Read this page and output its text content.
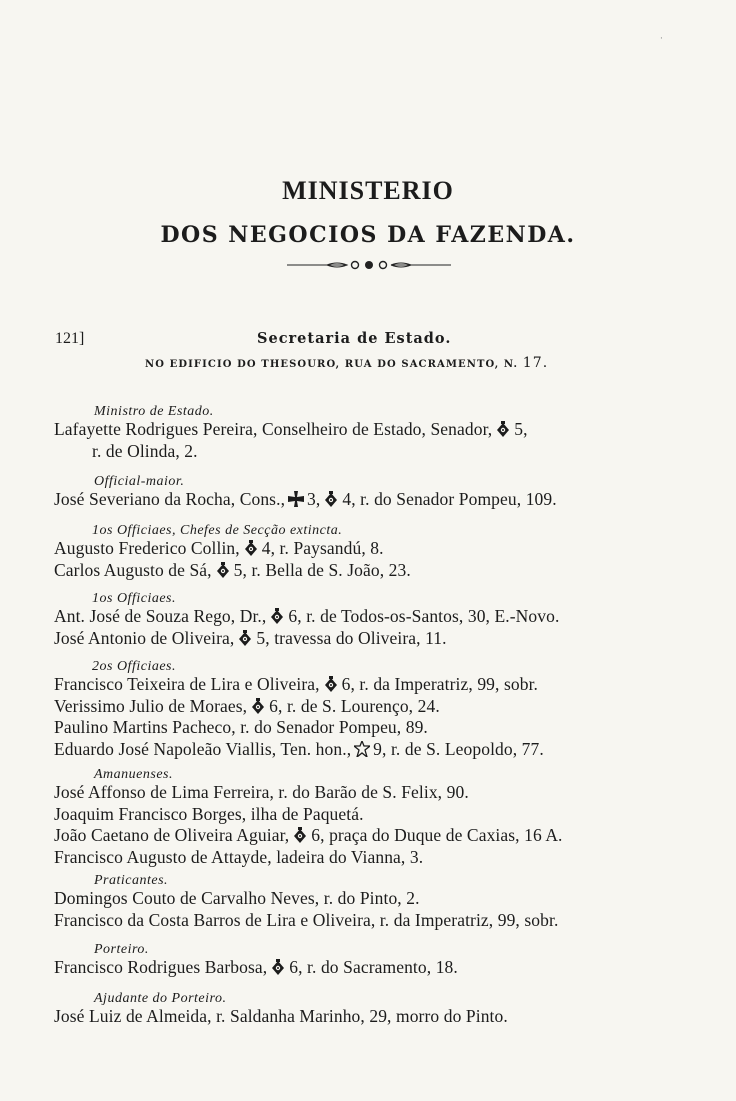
MINISTERIO
DOS NEGOCIOS DA FAZENDA.
121]	Secretaria de Estado.
NO EDIFICIO DO THESOURO, RUA DO SACRAMENTO, N. 17.
Ministro de Estado.
Lafayette Rodrigues Pereira, Conselheiro de Estado, Senador, 5,
r. de Olinda, 2.
Official-maior.
José Severiano da Rocha, Cons., 3, 4, r. do Senador Pompeu, 109.
1os Officiaes, Chefes de Secção extincta.
Augusto Frederico Collin, 4, r. Paysandú, 8.
Carlos Augusto de Sá, 5, r. Bella de S. João, 23.
1os Officiaes.
Ant. José de Souza Rego, Dr., 6, r. de Todos-os-Santos, 30, E.-Novo.
José Antonio de Oliveira, 5, travessa do Oliveira, 11.
2os Officiaes.
Francisco Teixeira de Lira e Oliveira, 6, r. da Imperatriz, 99, sobr.
Verissimo Julio de Moraes, 6, r. de S. Lourenço, 24.
Paulino Martins Pacheco, r. do Senador Pompeu, 89.
Eduardo José Napoleão Viallis, Ten. hon., 9, r. de S. Leopoldo, 77.
Amanuenses.
José Affonso de Lima Ferreira, r. do Barão de S. Felix, 90.
Joaquim Francisco Borges, ilha de Paquetá.
João Caetano de Oliveira Aguiar, 6, praça do Duque de Caxias, 16 A.
Francisco Augusto de Attayde, ladeira do Vianna, 3.
Praticantes.
Domingos Couto de Carvalho Neves, r. do Pinto, 2.
Francisco da Costa Barros de Lira e Oliveira, r. da Imperatriz, 99, sobr.
Porteiro.
Francisco Rodrigues Barbosa, 6, r. do Sacramento, 18.
Ajudante do Porteiro.
José Luiz de Almeida, r. Saldanha Marinho, 29, morro do Pinto.
·
